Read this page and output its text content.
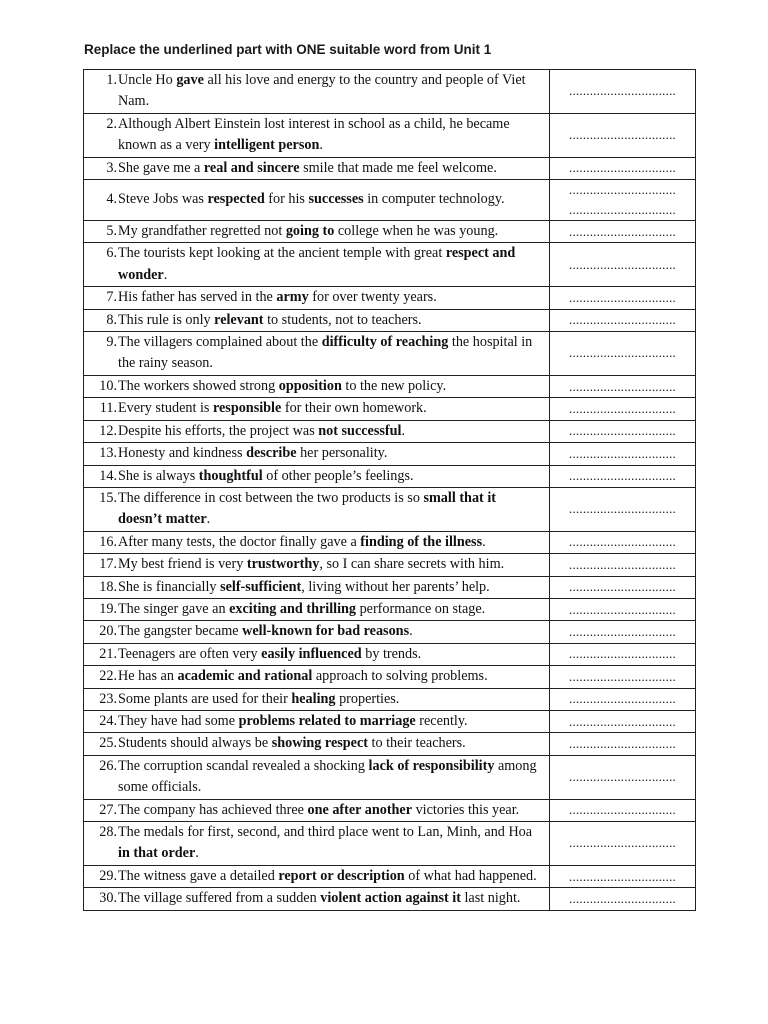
Replace the underlined part with ONE suitable word from Unit 1
1. Uncle Ho gave all his love and energy to the country and people of Viet Nam.	...............................

2. Although Albert Einstein lost interest in school as a child, he became known as a very intelligent person.	...............................

3. She gave me a real and sincere smile that made me feel welcome.	...............................

4. Steve Jobs was respected for his successes in computer technology.	...............................
...............................

5. My grandfather regretted not going to college when he was young.	...............................

6. The tourists kept looking at the ancient temple with great respect and wonder.	...............................

7. His father has served in the army for over twenty years.	...............................

8. This rule is only relevant to students, not to teachers.	...............................

9. The villagers complained about the difficulty of reaching the hospital in the rainy season.	...............................

10. The workers showed strong opposition to the new policy.	...............................

11. Every student is responsible for their own homework.	...............................

12. Despite his efforts, the project was not successful.	...............................

13. Honesty and kindness describe her personality.	...............................

14. She is always thoughtful of other people’s feelings.	...............................

15. The difference in cost between the two products is so small that it doesn’t matter.	...............................

16. After many tests, the doctor finally gave a finding of the illness.	...............................

17. My best friend is very trustworthy, so I can share secrets with him.	...............................

18. She is financially self-sufficient, living without her parents’ help.	...............................

19. The singer gave an exciting and thrilling performance on stage.	...............................

20. The gangster became well-known for bad reasons.	...............................

21. Teenagers are often very easily influenced by trends.	...............................

22. He has an academic and rational approach to solving problems.	...............................

23. Some plants are used for their healing properties.	...............................

24. They have had some problems related to marriage recently.	...............................

25. Students should always be showing respect to their teachers.	...............................

26. The corruption scandal revealed a shocking lack of responsibility among some officials.	...............................

27. The company has achieved three one after another victories this year.	...............................

28. The medals for first, second, and third place went to Lan, Minh, and Hoa in that order.	...............................

29. The witness gave a detailed report or description of what had happened.	...............................

30. The village suffered from a sudden violent action against it last night.	...............................
